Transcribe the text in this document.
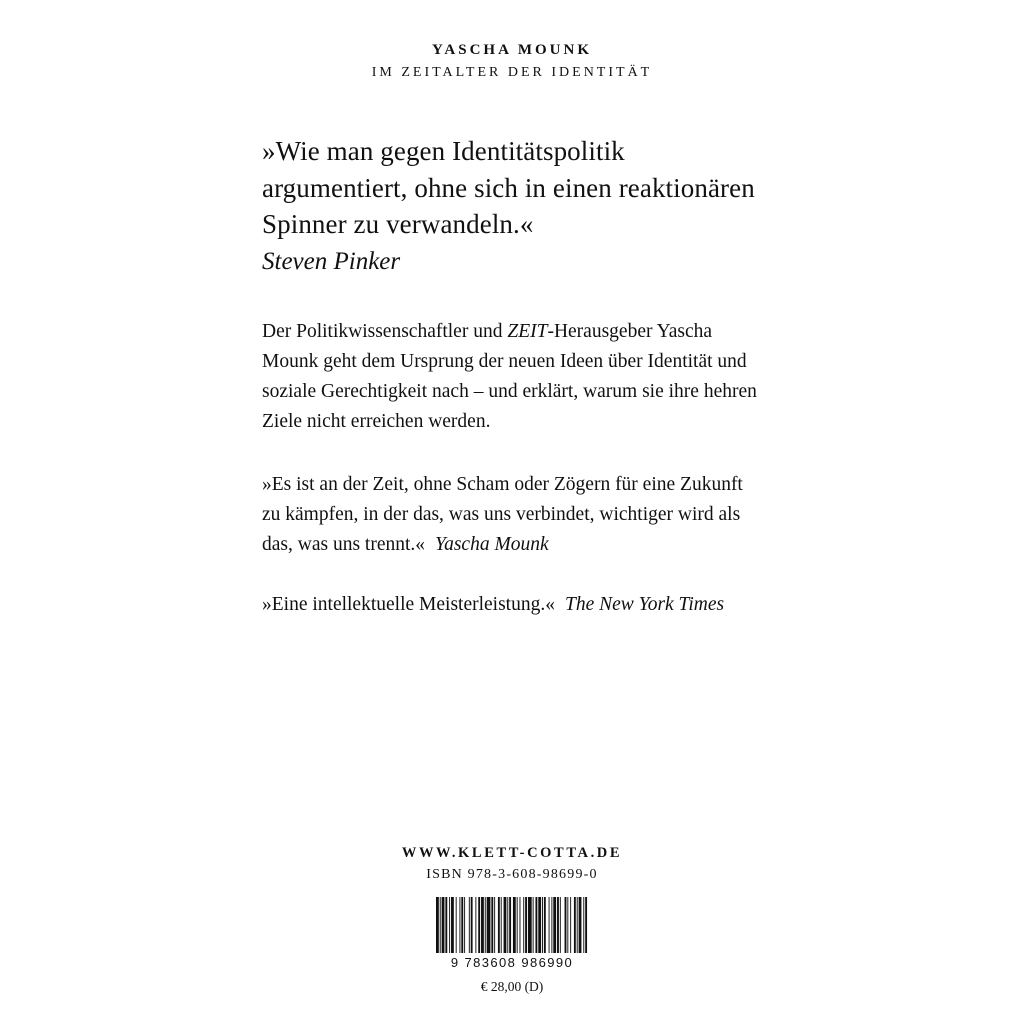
YASCHA MOUNK
IM ZEITALTER DER IDENTITÄT
»Wie man gegen Identitätspolitik argumentiert, ohne sich in einen reaktionären Spinner zu verwandeln.«
Steven Pinker

Der Politikwissenschaftler und ZEIT-Herausgeber Yascha Mounk geht dem Ursprung der neuen Ideen über Identität und soziale Gerechtigkeit nach – und erklärt, warum sie ihre hehren Ziele nicht erreichen werden.

»Es ist an der Zeit, ohne Scham oder Zögern für eine Zukunft zu kämpfen, in der das, was uns verbindet, wichtiger wird als das, was uns trennt.« Yascha Mounk

»Eine intellektuelle Meisterleistung.« The New York Times

WWW.KLETT-COTTA.DE
ISBN 978-3-608-98699-0
9 783608 986990
€ 28,00 (D)
